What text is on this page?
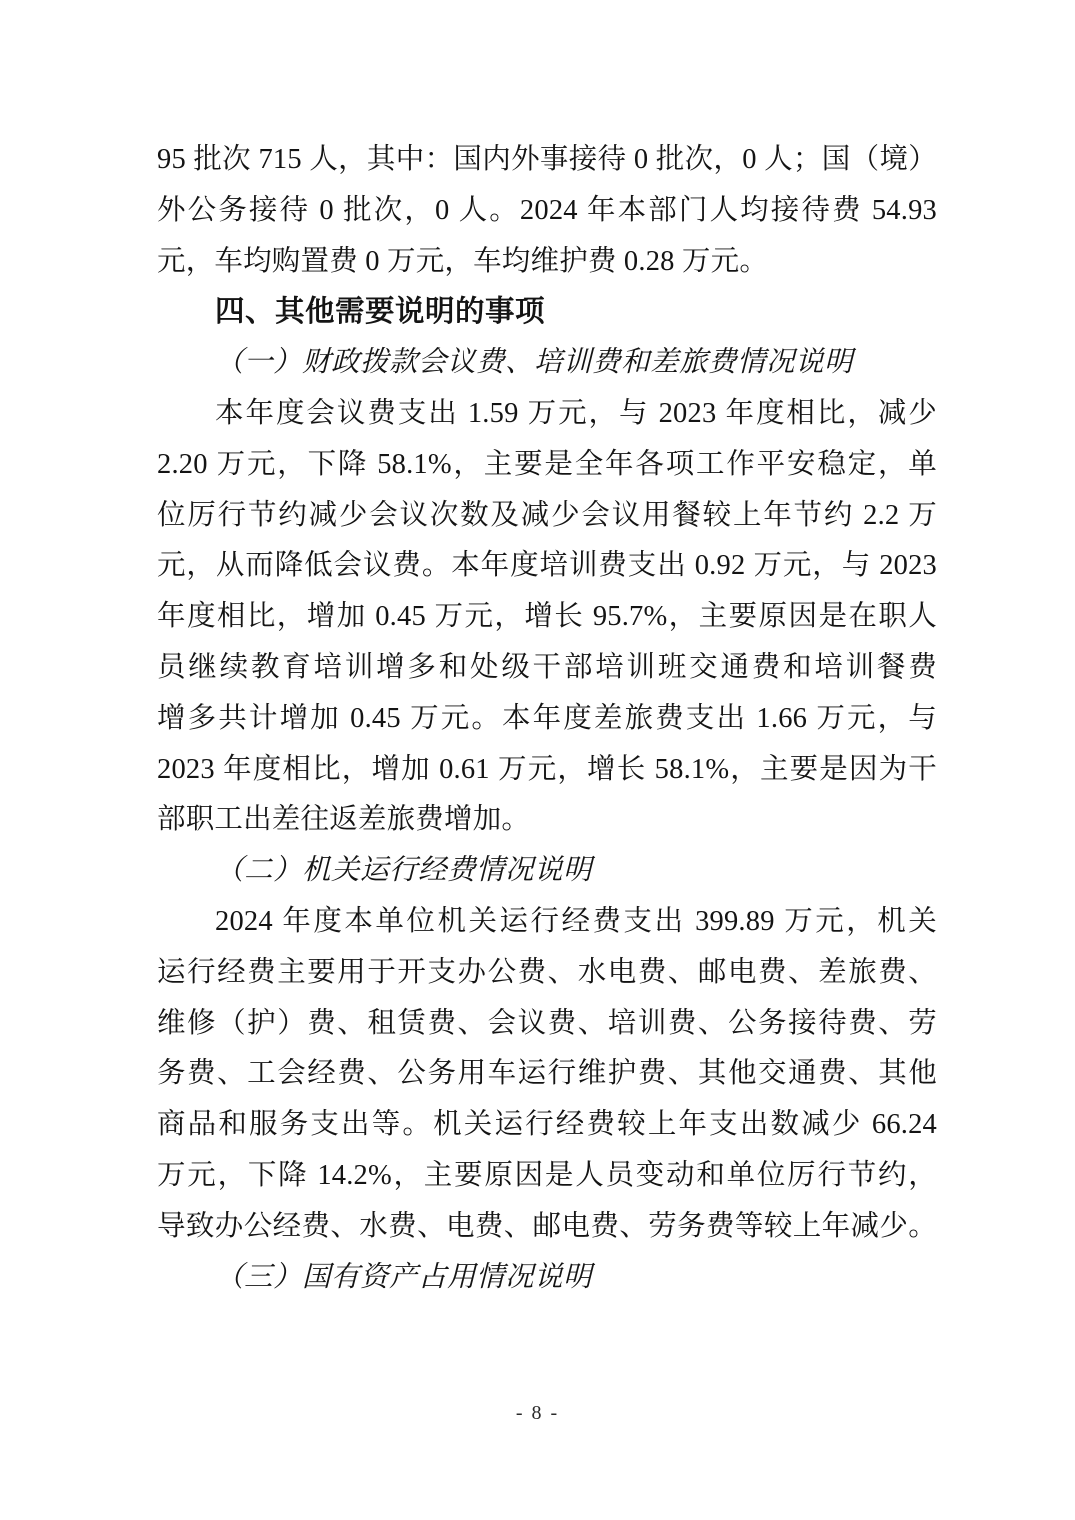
95 批次 715 人，其中：国内外事接待 0 批次，0 人；国（境）
外公务接待 0 批次，0 人。2024 年本部门人均接待费 54.93
元，车均购置费 0 万元，车均维护费 0.28 万元。
四、其他需要说明的事项
（一）财政拨款会议费、培训费和差旅费情况说明
本年度会议费支出 1.59 万元，与 2023 年度相比，减少
2.20 万元，下降 58.1%，主要是全年各项工作平安稳定，单
位厉行节约减少会议次数及减少会议用餐较上年节约 2.2 万
元，从而降低会议费。本年度培训费支出 0.92 万元，与 2023
年度相比，增加 0.45 万元，增长 95.7%，主要原因是在职人
员继续教育培训增多和处级干部培训班交通费和培训餐费
增多共计增加 0.45 万元。本年度差旅费支出 1.66 万元，与
2023 年度相比，增加 0.61 万元，增长 58.1%，主要是因为干
部职工出差往返差旅费增加。
（二）机关运行经费情况说明
2024 年度本单位机关运行经费支出 399.89 万元，机关
运行经费主要用于开支办公费、水电费、邮电费、差旅费、
维修（护）费、租赁费、会议费、培训费、公务接待费、劳
务费、工会经费、公务用车运行维护费、其他交通费、其他
商品和服务支出等。机关运行经费较上年支出数减少 66.24
万元，下降 14.2%，主要原因是人员变动和单位厉行节约，
导致办公经费、水费、电费、邮电费、劳务费等较上年减少。
（三）国有资产占用情况说明
- 8 -
